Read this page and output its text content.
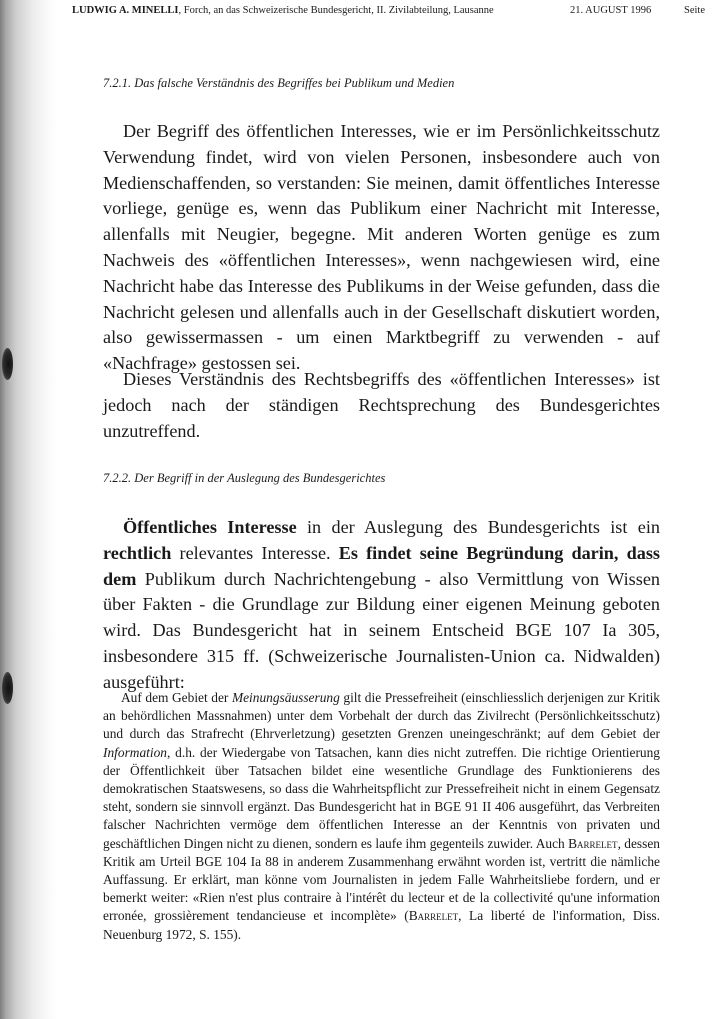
LUDWIG A. MINELLI, Forch, an das Schweizerische Bundesgericht, II. Zivilabteilung, Lausanne	21. AUGUST 1996	Seite
7.2.1. Das falsche Verständnis des Begriffes bei Publikum und Medien
Der Begriff des öffentlichen Interesses, wie er im Persönlichkeitsschutz Verwendung findet, wird von vielen Personen, insbesondere auch von Medienschaffenden, so verstanden: Sie meinen, damit öffentliches Interesse vorliege, genüge es, wenn das Publikum einer Nachricht mit Interesse, allenfalls mit Neugier, begegne. Mit anderen Worten genüge es zum Nachweis des «öffentlichen Interesses», wenn nachgewiesen wird, eine Nachricht habe das Interesse des Publikums in der Weise gefunden, dass die Nachricht gelesen und allenfalls auch in der Gesellschaft diskutiert worden, also gewissermassen - um einen Marktbegriff zu verwenden - auf «Nachfrage» gestossen sei.
Dieses Verständnis des Rechtsbegriffs des «öffentlichen Interesses» ist jedoch nach der ständigen Rechtsprechung des Bundesgerichtes unzutreffend.
7.2.2. Der Begriff in der Auslegung des Bundesgerichtes
Öffentliches Interesse in der Auslegung des Bundesgerichts ist ein rechtlich relevantes Interesse. Es findet seine Begründung darin, dass dem Publikum durch Nachrichtengebung - also Vermittlung von Wissen über Fakten - die Grundlage zur Bildung einer eigenen Meinung geboten wird. Das Bundesgericht hat in seinem Entscheid BGE 107 Ia 305, insbesondere 315 ff. (Schweizerische Journalisten-Union ca. Nidwalden) ausgeführt:
Auf dem Gebiet der Meinungsäusserung gilt die Pressefreiheit (einschliesslich derjenigen zur Kritik an behördlichen Massnahmen) unter dem Vorbehalt der durch das Zivilrecht (Persönlichkeitsschutz) und durch das Strafrecht (Ehrverletzung) gesetzten Grenzen uneingeschränkt; auf dem Gebiet der Information, d.h. der Wiedergabe von Tatsachen, kann dies nicht zutreffen. Die richtige Orientierung der Öffentlichkeit über Tatsachen bildet eine wesentliche Grundlage des Funktionierens des demokratischen Staatswesens, so dass die Wahrheitspflicht zur Pressefreiheit nicht in einem Gegensatz steht, sondern sie sinnvoll ergänzt. Das Bundesgericht hat in BGE 91 II 406 ausgeführt, das Verbreiten falscher Nachrichten vermöge dem öffentlichen Interesse an der Kenntnis von privaten und geschäftlichen Dingen nicht zu dienen, sondern es laufe ihm gegenteils zuwider. Auch Barrelet, dessen Kritik am Urteil BGE 104 Ia 88 in anderem Zusammenhang erwähnt worden ist, vertritt die nämliche Auffassung. Er erklärt, man könne vom Journalisten in jedem Falle Wahrheitsliebe fordern, und er bemerkt weiter: «Rien n'est plus contraire à l'intérêt du lecteur et de la collectivité qu'une information erronée, grossièrement tendancieuse et incomplète» (Barrelet, La liberté de l'information, Diss. Neuenburg 1972, S. 155).
